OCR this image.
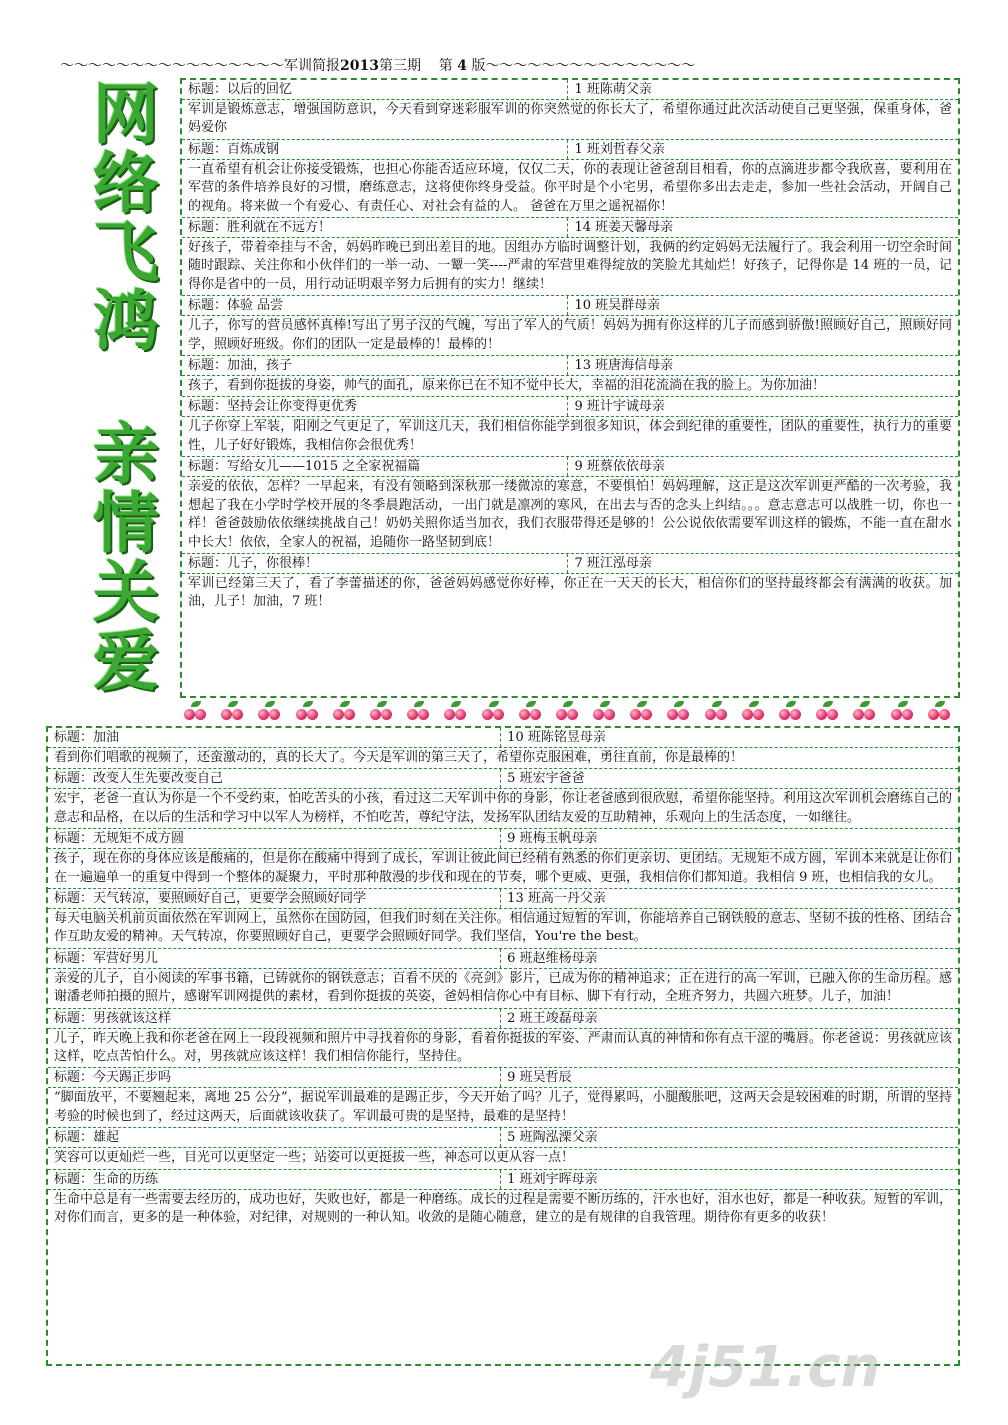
～～～～～～～～～～～～～～～～军训简报2013第三期 第 4 版～～～～～～～～～～～～～～～
网
络
飞
鸿
亲
情
关
爱
标题：以后的回忆	1 班陈萌父亲
军训是锻炼意志，增强国防意识，今天看到穿迷彩服军训的你突然觉的你长大了，希望你通过此次活动使自己更坚强，保重身体，爸妈爱你
标题：百炼成钢	1 班刘哲春父亲
一直希望有机会让你接受锻炼，也担心你能否适应环境，仅仅二天，你的表现让爸爸刮目相看，你的点滴进步都令我欣喜，要利用在军营的条件培养良好的习惯，磨练意志，这将使你终身受益。你平时是个小宅男，希望你多出去走走，参加一些社会活动，开阔自己的视角。将来做一个有爱心、有责任心、对社会有益的人。 爸爸在万里之遥祝福你！
标题：胜利就在不远方！	14 班姜天馨母亲
好孩子，带着牵挂与不舍，妈妈昨晚已到出差目的地。因组办方临时调整计划，我俩的约定妈妈无法履行了。我会利用一切空余时间随时跟踪、关注你和小伙伴们的一举一动、一颦一笑----严肃的军营里难得绽放的笑脸尤其灿烂！好孩子，记得你是 14 班的一员，记得你是省中的一员，用行动证明艰辛努力后拥有的实力！继续！
标题：体验 品尝	10 班吴群母亲
儿子，你写的营员感怀真棒!写出了男子汉的气魄，写出了军人的气质！妈妈为拥有你这样的儿子而感到骄傲!照顾好自己，照顾好同学，照顾好班级。你们的团队一定是最棒的！最棒的！
标题：加油，孩子	13 班唐海信母亲
孩子，看到你挺拔的身姿，帅气的面孔，原来你已在不知不觉中长大，幸福的泪花流淌在我的脸上。为你加油！
标题：坚持会让你变得更优秀	9 班计宇诚母亲
儿子你穿上军装，阳刚之气更足了，军训这几天，我们相信你能学到很多知识，体会到纪律的重要性，团队的重要性，执行力的重要性，儿子好好锻炼，我相信你会很优秀！
标题：写给女儿——1015 之全家祝福篇	9 班蔡依依母亲
亲爱的依依，怎样？一早起来，有没有领略到深秋那一缕微凉的寒意，不要惧怕！妈妈理解，这正是这次军训更严酷的一次考验，我想起了我在小学时学校开展的冬季晨跑活动，一出门就是凛冽的寒风，在出去与否的念头上纠结。。。意志意志可以战胜一切，你也一样！爸爸鼓励依依继续挑战自己！奶奶关照你适当加衣，我们衣服带得还是够的！公公说依依需要军训这样的锻炼，不能一直在甜水中长大！依依，全家人的祝福，追随你一路坚韧到底！
标题：儿子，你很棒！	7 班江泓母亲
军训已经第三天了，看了李蕾描述的你，爸爸妈妈感觉你好棒，你正在一天天的长大，相信你们的坚持最终都会有满满的收获。加油，儿子！加油，7 班！
标题：加油	10 班陈铭昱母亲
看到你们唱歌的视频了，还蛮激动的，真的长大了。今天是军训的第三天了，希望你克服困难，勇往直前，你是最棒的！
标题：改变人生先要改变自己	5 班宏宇爸爸
宏宇，老爸一直认为你是一个不受约束，怕吃苦头的小孩，看过这二天军训中你的身影，你让老爸感到很欣慰，希望你能坚持。利用这次军训机会磨练自己的意志和品格，在以后的生活和学习中以军人为榜样，不怕吃苦，尊纪守法，发扬军队团结友爱的互助精神，乐观向上的生活态度，一如继往。
标题：无规矩不成方圆	9 班梅玉帆母亲
孩子，现在你的身体应该是酸痛的，但是你在酸痛中得到了成长，军训让彼此间已经稍有熟悉的你们更亲切、更团结。无规矩不成方圆，军训本来就是让你们在一遍遍单一的重复中得到一个整体的凝聚力，平时那种散漫的步伐和现在的节奏，哪个更威、更强，我相信你们都知道。我相信 9 班，也相信我的女儿。
标题：天气转凉，要照顾好自己，更要学会照顾好同学	13 班高一丹父亲
每天电脑关机前页面依然在军训网上，虽然你在国防园，但我们时刻在关注你。相信通过短暂的军训，你能培养自己钢铁般的意志、坚韧不拔的性格、团结合作互助友爱的精神。天气转凉，你要照顾好自己，更要学会照顾好同学。我们坚信，You're the best。
标题：军营好男儿	6 班赵维杨母亲
亲爱的儿子，自小阅读的军事书籍，已铸就你的钢铁意志；百看不厌的《亮剑》影片，已成为你的精神追求；正在进行的高一军训，已融入你的生命历程。感谢潘老师拍摄的照片，感谢军训网提供的素材，看到你挺拔的英姿，爸妈相信你心中有目标、脚下有行动，全班齐努力，共圆六班梦。儿子，加油！
标题：男孩就该这样	2 班王竣磊母亲
儿子，昨天晚上我和你老爸在网上一段段视频和照片中寻找着你的身影，看着你挺拔的军姿、严肃而认真的神情和你有点干涩的嘴唇。你老爸说：男孩就应该这样，吃点苦怕什么。对，男孩就应该这样！我们相信你能行，坚持住。
标题：今天踢正步吗	9 班吴哲辰
“脚面放平，不要翘起来，离地 25 公分”，据说军训最难的是踢正步，今天开始了吗？儿子，觉得累吗，小腿酸胀吧，这两天会是较困难的时期，所谓的坚持考验的时候也到了，经过这两天，后面就该收获了。军训最可贵的是坚持，最难的是坚持！
标题：雄起	5 班陶泓溧父亲
笑容可以更灿烂一些，目光可以更坚定一些；站姿可以更挺拔一些，神态可以更从容一点！
标题：生命的历练	1 班刘宇晖母亲
生命中总是有一些需要去经历的，成功也好，失败也好，都是一种磨练。成长的过程是需要不断历练的，汗水也好，泪水也好，都是一种收获。短暂的军训，对你们而言，更多的是一种体验，对纪律，对规则的一种认知。收敛的是随心随意，建立的是有规律的自我管理。期待你有更多的收获！
4j51.cn
